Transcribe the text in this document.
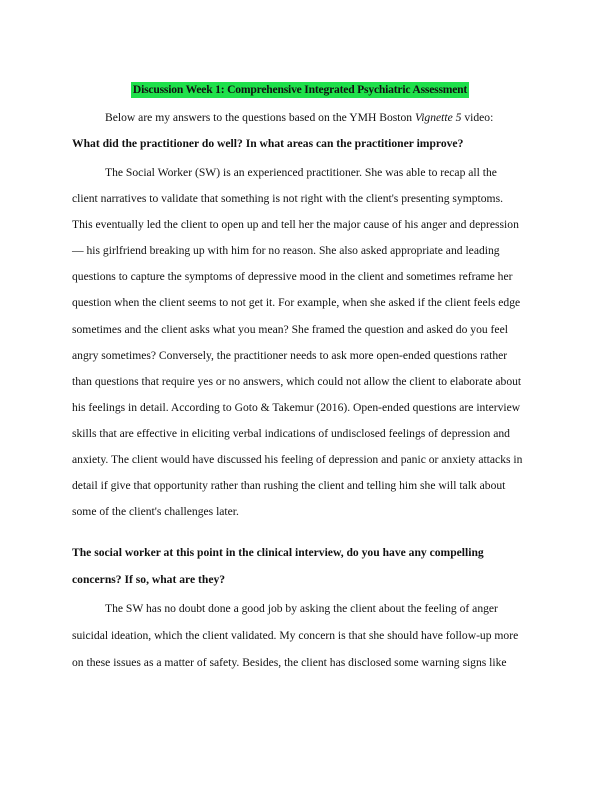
Discussion Week 1: Comprehensive Integrated Psychiatric Assessment
Below are my answers to the questions based on the YMH Boston Vignette 5 video:
What did the practitioner do well? In what areas can the practitioner improve?
The Social Worker (SW) is an experienced practitioner. She was able to recap all the
client narratives to validate that something is not right with the client's presenting symptoms.
This eventually led the client to open up and tell her the major cause of his anger and depression
— his girlfriend breaking up with him for no reason. She also asked appropriate and leading
questions to capture the symptoms of depressive mood in the client and sometimes reframe her
question when the client seems to not get it. For example, when she asked if the client feels edge
sometimes and the client asks what you mean? She framed the question and asked do you feel
angry sometimes? Conversely, the practitioner needs to ask more open-ended questions rather
than questions that require yes or no answers, which could not allow the client to elaborate about
his feelings in detail. According to Goto & Takemur (2016). Open-ended questions are interview
skills that are effective in eliciting verbal indications of undisclosed feelings of depression and
anxiety. The client would have discussed his feeling of depression and panic or anxiety attacks in
detail if give that opportunity rather than rushing the client and telling him she will talk about
some of the client's challenges later.
The social worker at this point in the clinical interview, do you have any compelling
concerns? If so, what are they?
The SW has no doubt done a good job by asking the client about the feeling of anger
suicidal ideation, which the client validated. My concern is that she should have follow-up more
on these issues as a matter of safety. Besides, the client has disclosed some warning signs like
